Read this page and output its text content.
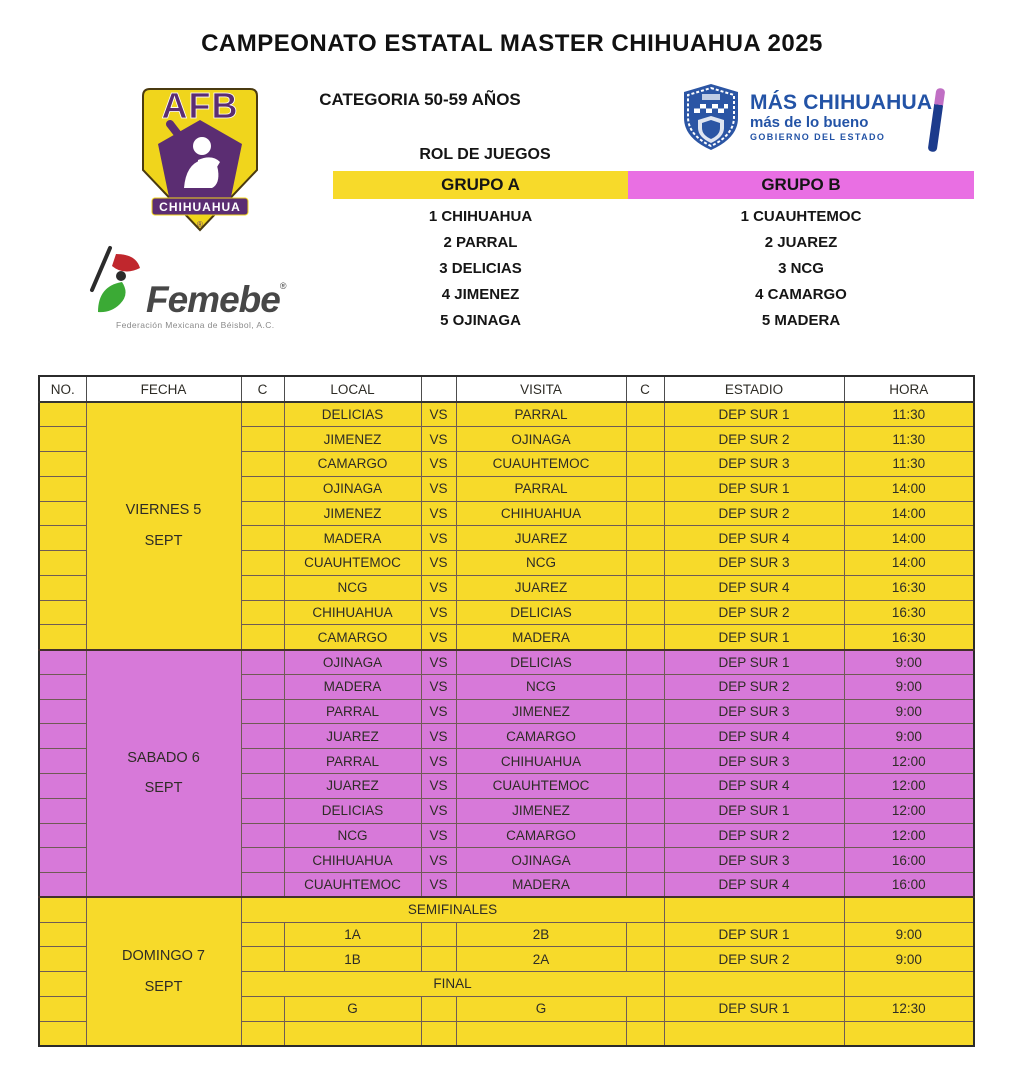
CAMPEONATO ESTATAL MASTER CHIHUAHUA 2025
CHIHUAHUA
®
AFB	CATEGORIA 50-59 AÑOS	MÁS CHIHUAHUA
más de lo bueno
GOBIERNO DEL ESTADO
ROL DE JUEGOS
GRUPO A	GRUPO B
1 CHIHUAHUA
2 PARRAL
3 DELICIAS
4 JIMENEZ
5 OJINAGA
1 CUAUHTEMOC
2 JUAREZ
3 NCG
4 CAMARGO
5 MADERA
Femebe®
Federación Mexicana de Béisbol, A.C.
NO.	FECHA	C	LOCAL		VISITA	C	ESTADIO	HORA

	VIERNES 5
SEPT		DELICIAS	VS	PARRAL		DEP SUR 1	11:30
			JIMENEZ	VS	OJINAGA		DEP SUR 2	11:30
			CAMARGO	VS	CUAUHTEMOC		DEP SUR 3	11:30
			OJINAGA	VS	PARRAL		DEP SUR 1	14:00
			JIMENEZ	VS	CHIHUAHUA		DEP SUR 2	14:00
			MADERA	VS	JUAREZ		DEP SUR 4	14:00
			CUAUHTEMOC	VS	NCG		DEP SUR 3	14:00
			NCG	VS	JUAREZ		DEP SUR 4	16:30
			CHIHUAHUA	VS	DELICIAS		DEP SUR 2	16:30
			CAMARGO	VS	MADERA		DEP SUR 1	16:30

	SABADO 6
SEPT		OJINAGA	VS	DELICIAS		DEP SUR 1	9:00
			MADERA	VS	NCG		DEP SUR 2	9:00
			PARRAL	VS	JIMENEZ		DEP SUR 3	9:00
			JUAREZ	VS	CAMARGO		DEP SUR 4	9:00
			PARRAL	VS	CHIHUAHUA		DEP SUR 3	12:00
			JUAREZ	VS	CUAUHTEMOC		DEP SUR 4	12:00
			DELICIAS	VS	JIMENEZ		DEP SUR 1	12:00
			NCG	VS	CAMARGO		DEP SUR 2	12:00
			CHIHUAHUA	VS	OJINAGA		DEP SUR 3	16:00
			CUAUHTEMOC	VS	MADERA		DEP SUR 4	16:00

	DOMINGO 7
SEPT	SEMIFINALES						
			1A		2B		DEP SUR 1	9:00
			1B		2A		DEP SUR 2	9:00
		FINAL						
			G		G		DEP SUR 1	12:30
